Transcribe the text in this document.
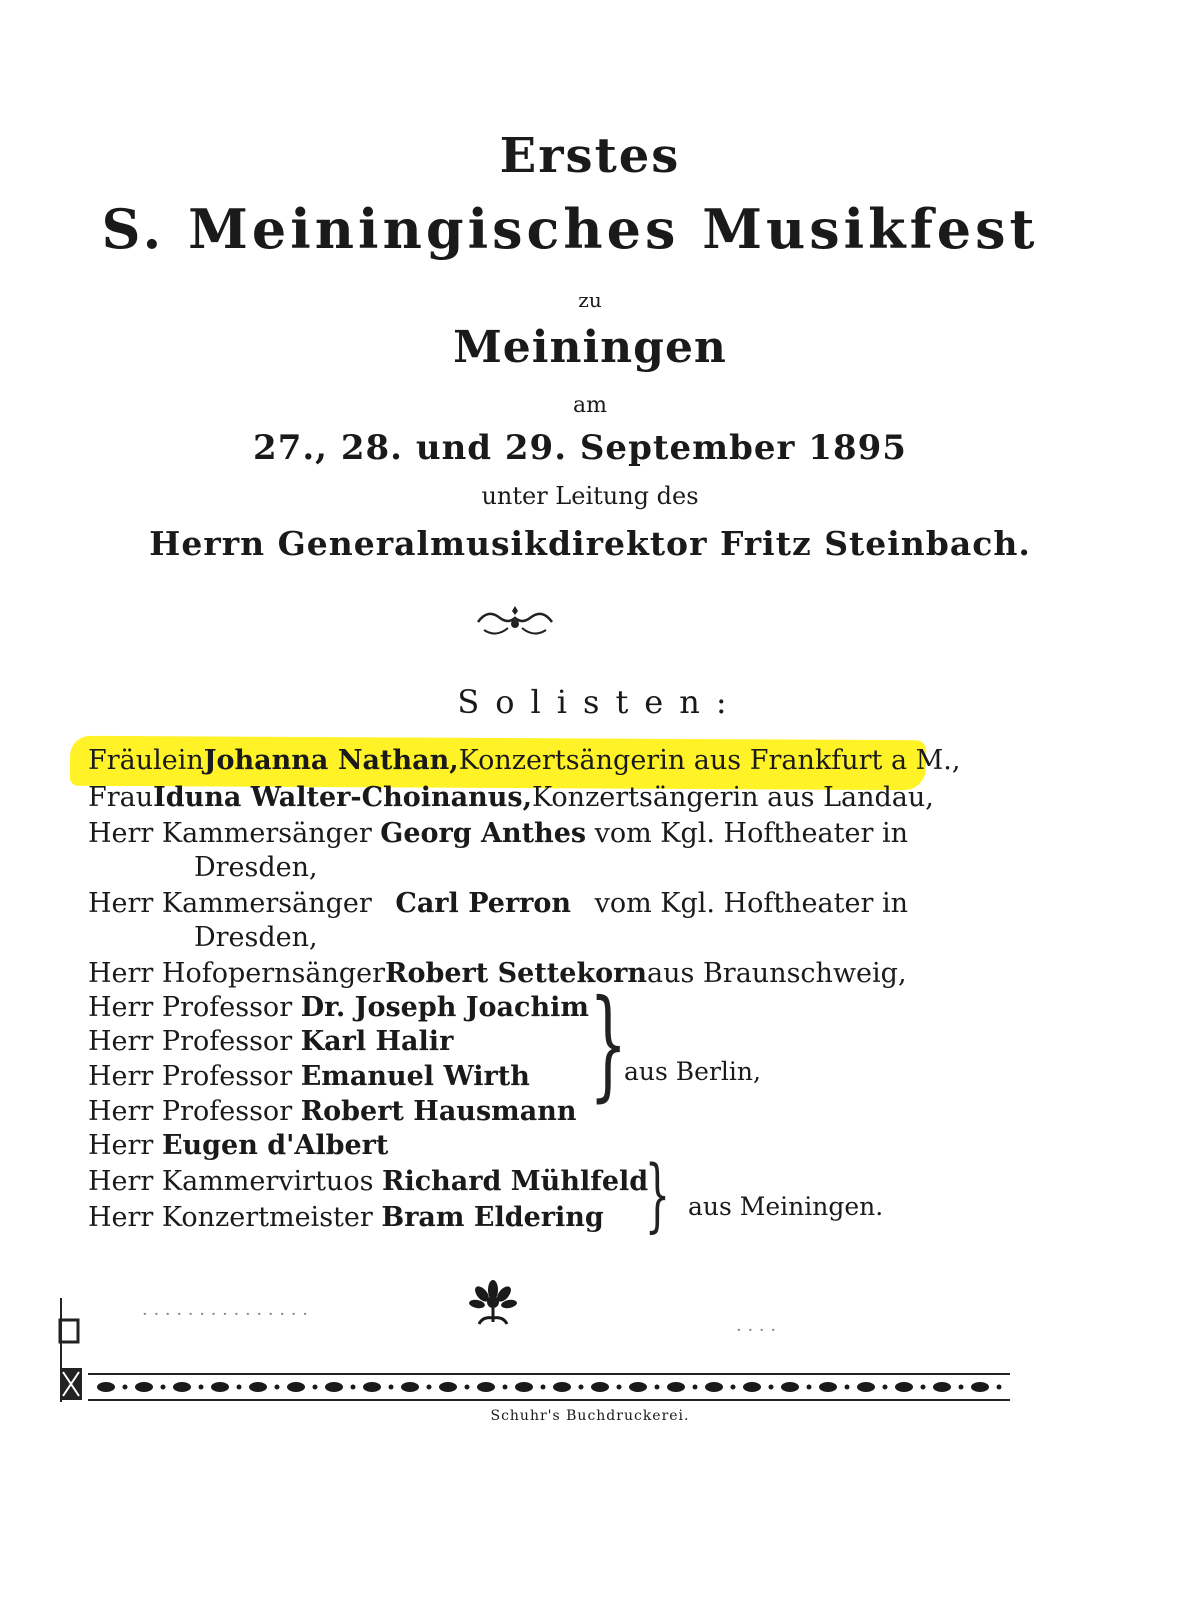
Erstes
S. Meiningisches Musikfest

zu

Meiningen

am

27., 28. und 29. September 1895

unter Leitung des

Herrn Generalmusikdirektor Fritz Steinbach.

Solisten:

Fräulein Johanna Nathan, Konzertsängerin aus Frankfurt a M.,
Frau Iduna Walter-Choinanus, Konzertsängerin aus Landau,
Herr Kammersänger Georg Anthes vom Kgl. Hoftheater in
Dresden,
Herr Kammersänger Carl Perron vom Kgl. Hoftheater in
Dresden,
Herr Hofopernsänger Robert Settekorn aus Braunschweig,
Herr Professor Dr. Joseph Joachim
Herr Professor Karl Halir
Herr Professor Emanuel Wirth
Herr Professor Robert Hausmann }
aus Berlin,
Herr Eugen d'Albert
Herr Kammervirtuos Richard Mühlfeld
Herr Konzertmeister Bram Eldering } aus Meiningen.
· · · · · · · · · · · · · · ·
· · · ·

Schuhr's Buchdruckerei.
